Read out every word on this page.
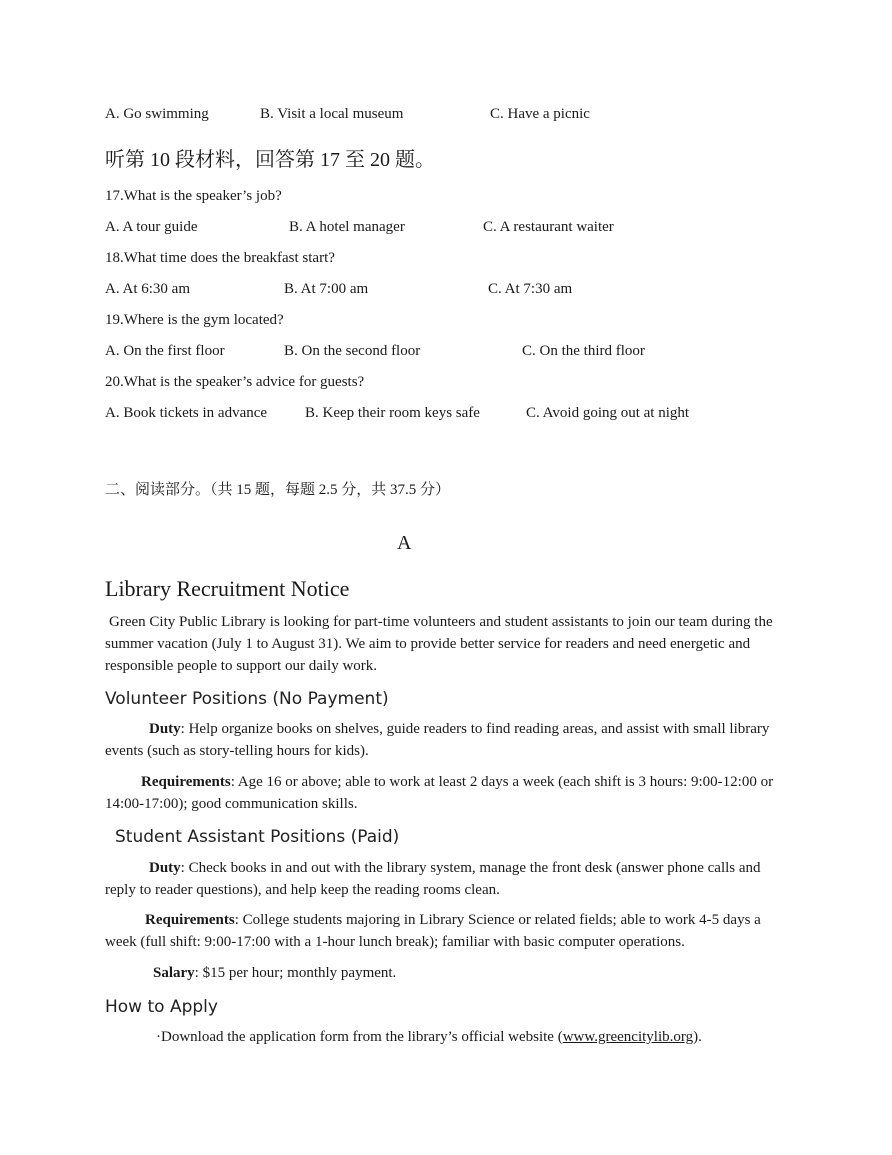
A. Go swimming	B. Visit a local museum	C. Have a picnic
听第 10 段材料，回答第 17 至 20 题。
17.What is the speaker’s job?
A. A tour guide	B. A hotel manager	C. A restaurant waiter
18.What time does the breakfast start?
A. At 6:30 am	B. At 7:00 am	C. At 7:30 am
19.Where is the gym located?
A. On the first floor	B. On the second floor	C. On the third floor
20.What is the speaker’s advice for guests?
A. Book tickets in advance	B. Keep their room keys safe	C. Avoid going out at night
二、阅读部分。（共 15 题，每题 2.5 分，共 37.5 分）
A
Library Recruitment Notice
Green City Public Library is looking for part-time volunteers and student assistants to join our team during the summer vacation (July 1 to August 31). We aim to provide better service for readers and need energetic and responsible people to support our daily work.
Volunteer Positions (No Payment)
Duty: Help organize books on shelves, guide readers to find reading areas, and assist with small library events (such as story-telling hours for kids).
Requirements: Age 16 or above; able to work at least 2 days a week (each shift is 3 hours: 9:00-12:00 or 14:00-17:00); good communication skills.
Student Assistant Positions (Paid)
Duty: Check books in and out with the library system, manage the front desk (answer phone calls and reply to reader questions), and help keep the reading rooms clean.
Requirements: College students majoring in Library Science or related fields; able to work 4-5 days a week (full shift: 9:00-17:00 with a 1-hour lunch break); familiar with basic computer operations.
Salary: $15 per hour; monthly payment.
How to Apply
·Download the application form from the library’s official website (www.greencitylib.org).
